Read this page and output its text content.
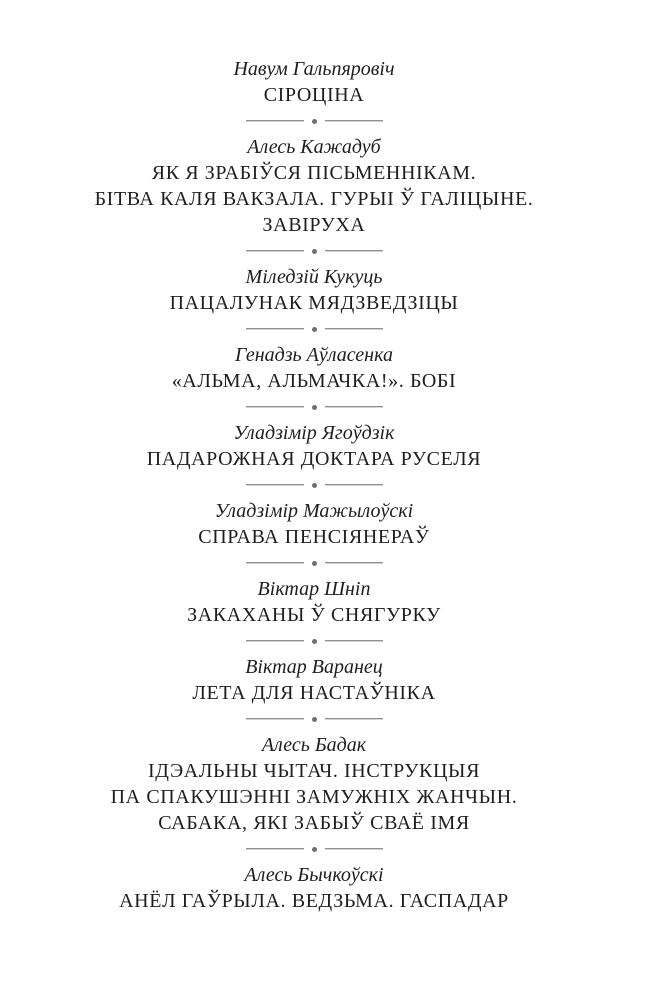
Навум Гальпяровіч

СІРОЦІНА

Алесь Кажадуб

ЯК Я ЗРАБІЎСЯ ПІСЬМЕННІКАМ.
БІТВА КАЛЯ ВАКЗАЛА. ГУРЫІ Ў ГАЛІЦЫНЕ.
ЗАВІРУХА

Міледзій Кукуць

ПАЦАЛУНАК МЯДЗВЕДЗІЦЫ

Генадзь Аўласенка

«АЛЬМА, АЛЬМАЧКА!». БОБІ

Уладзімір Ягоўдзік

ПАДАРОЖНАЯ ДОКТАРА РУСЕЛЯ

Уладзімір Мажылоўскі

СПРАВА ПЕНСІЯНЕРАЎ

Віктар Шніп

ЗАКАХАНЫ Ў СНЯГУРКУ

Віктар Варанец

ЛЕТА ДЛЯ НАСТАЎНІКА

Алесь Бадак

ІДЭАЛЬНЫ ЧЫТАЧ. ІНСТРУКЦЫЯ
ПА СПАКУШЭННІ ЗАМУЖНІХ ЖАНЧЫН.
САБАКА, ЯКІ ЗАБЫЎ СВАЁ ІМЯ

Алесь Бычкоўскі

АНЁЛ ГАЎРЫЛА. ВЕДЗЬМА. ГАСПАДАР
